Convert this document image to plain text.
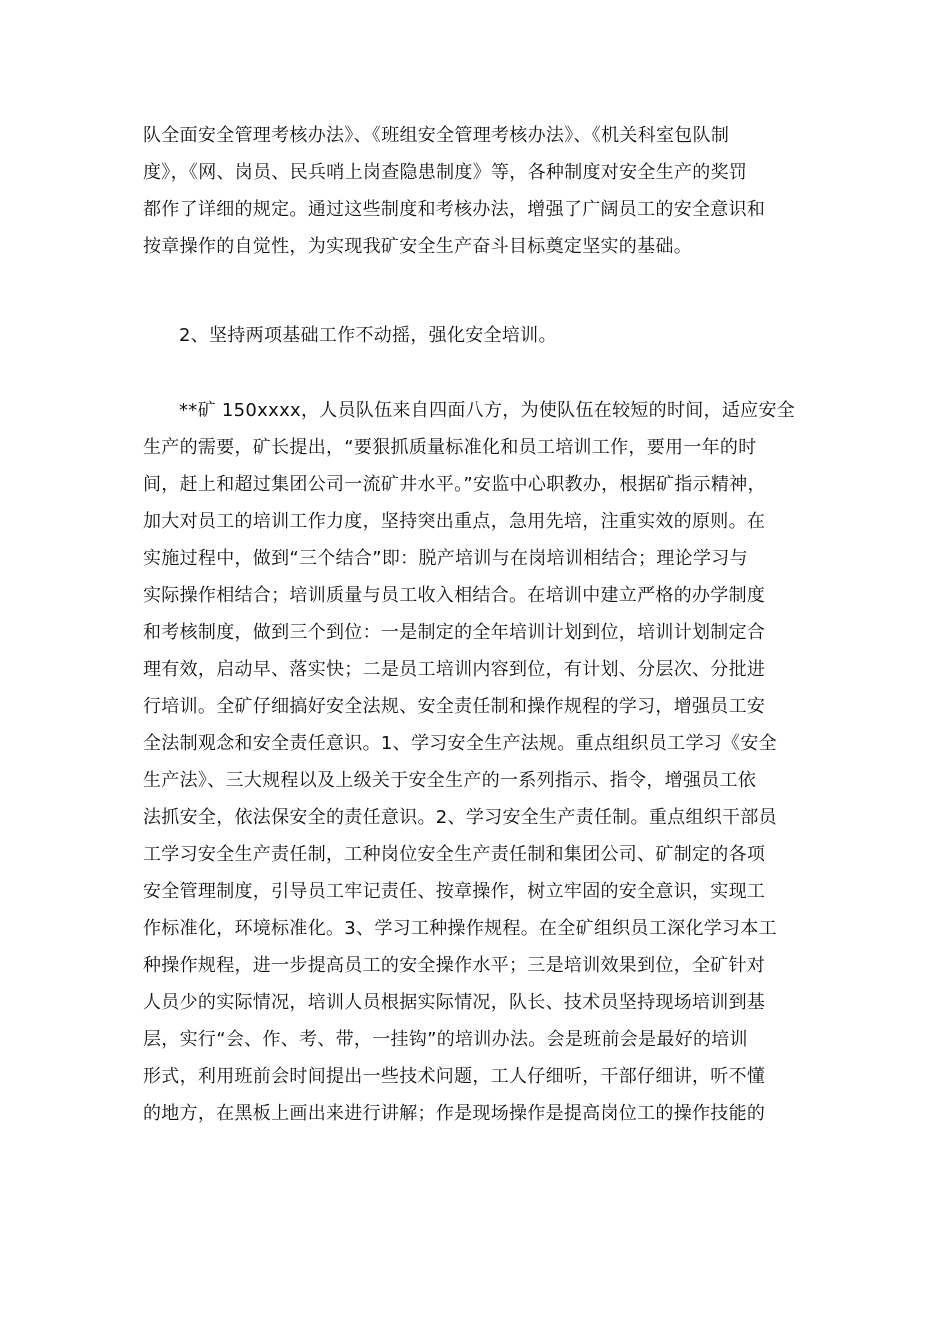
队全面安全管理考核办法》、《班组安全管理考核办法》、《机关科室包队制
度》，《网、岗员、民兵哨上岗查隐患制度》等，各种制度对安全生产的奖罚
都作了详细的规定。通过这些制度和考核办法，增强了广阔员工的安全意识和
按章操作的自觉性，为实现我矿安全生产奋斗目标奠定坚实的基础。
2、坚持两项基础工作不动摇，强化安全培训。
**矿 150xxxx，人员队伍来自四面八方，为使队伍在较短的时间，适应安全
生产的需要，矿长提出，“要狠抓质量标准化和员工培训工作，要用一年的时
间，赶上和超过集团公司一流矿井水平。”安监中心职教办，根据矿指示精神，
加大对员工的培训工作力度，坚持突出重点，急用先培，注重实效的原则。在
实施过程中，做到“三个结合”即：脱产培训与在岗培训相结合；理论学习与
实际操作相结合；培训质量与员工收入相结合。在培训中建立严格的办学制度
和考核制度，做到三个到位：一是制定的全年培训计划到位，培训计划制定合
理有效，启动早、落实快；二是员工培训内容到位，有计划、分层次、分批进
行培训。全矿仔细搞好安全法规、安全责任制和操作规程的学习，增强员工安
全法制观念和安全责任意识。1、学习安全生产法规。重点组织员工学习《安全
生产法》、三大规程以及上级关于安全生产的一系列指示、指令，增强员工依
法抓安全，依法保安全的责任意识。2、学习安全生产责任制。重点组织干部员
工学习安全生产责任制，工种岗位安全生产责任制和集团公司、矿制定的各项
安全管理制度，引导员工牢记责任、按章操作，树立牢固的安全意识，实现工
作标准化，环境标准化。3、学习工种操作规程。在全矿组织员工深化学习本工
种操作规程，进一步提高员工的安全操作水平；三是培训效果到位，全矿针对
人员少的实际情况，培训人员根据实际情况，队长、技术员坚持现场培训到基
层，实行“会、作、考、带，一挂钩”的培训办法。会是班前会是最好的培训
形式，利用班前会时间提出一些技术问题，工人仔细听，干部仔细讲，听不懂
的地方，在黑板上画出来进行讲解；作是现场操作是提高岗位工的操作技能的
